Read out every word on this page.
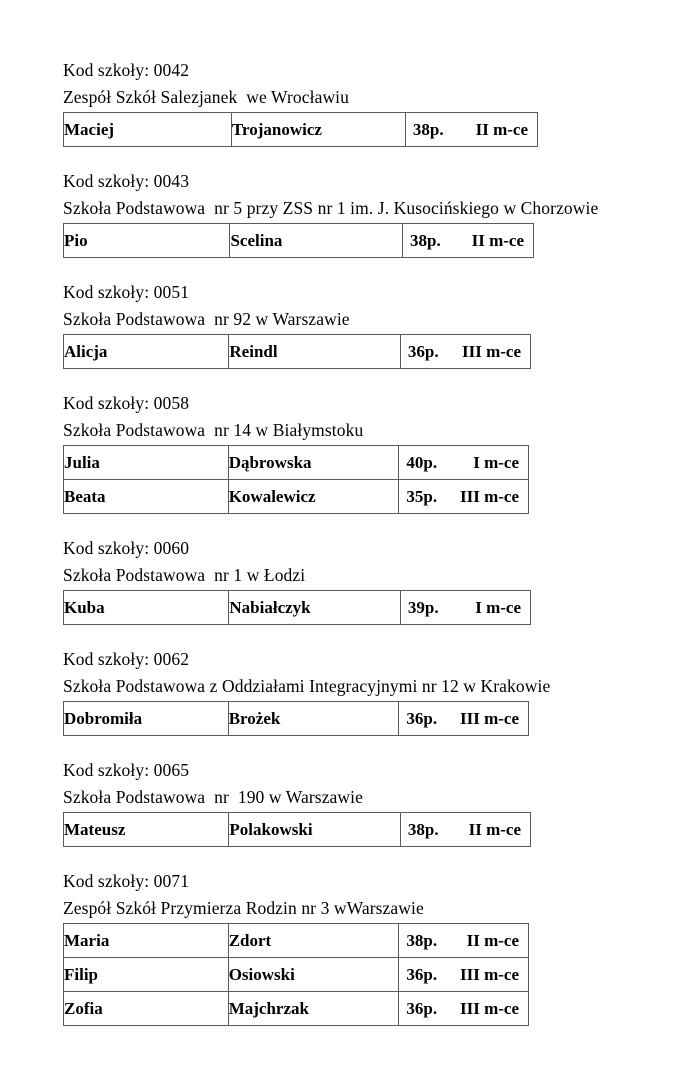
Kod szkoły: 0042
Zespół Szkół Salezjanek  we Wrocławiu
Maciej	Trojanowicz	38p. II m-ce
Kod szkoły: 0043
Szkoła Podstawowa  nr 5 przy ZSS nr 1 im. J. Kusocińskiego w Chorzowie
Pio	Scelina	38p. II m-ce
Kod szkoły: 0051
Szkoła Podstawowa  nr 92 w Warszawie
Alicja	Reindl	36p. III m-ce
Kod szkoły: 0058
Szkoła Podstawowa  nr 14 w Białymstoku
Julia	Dąbrowska	40p. I m-ce

Beata	Kowalewicz	35p. III m-ce
Kod szkoły: 0060
Szkoła Podstawowa  nr 1 w Łodzi
Kuba	Nabiałczyk	39p. I m-ce
Kod szkoły: 0062
Szkoła Podstawowa z Oddziałami Integracyjnymi nr 12 w Krakowie
Dobromiła	Brożek	36p. III m-ce
Kod szkoły: 0065
Szkoła Podstawowa  nr  190 w Warszawie
Mateusz	Polakowski	38p. II m-ce
Kod szkoły: 0071
Zespół Szkół Przymierza Rodzin nr 3 wWarszawie
Maria	Zdort	38p. II m-ce

Filip	Osiowski	36p. III m-ce

Zofia	Majchrzak	36p. III m-ce
